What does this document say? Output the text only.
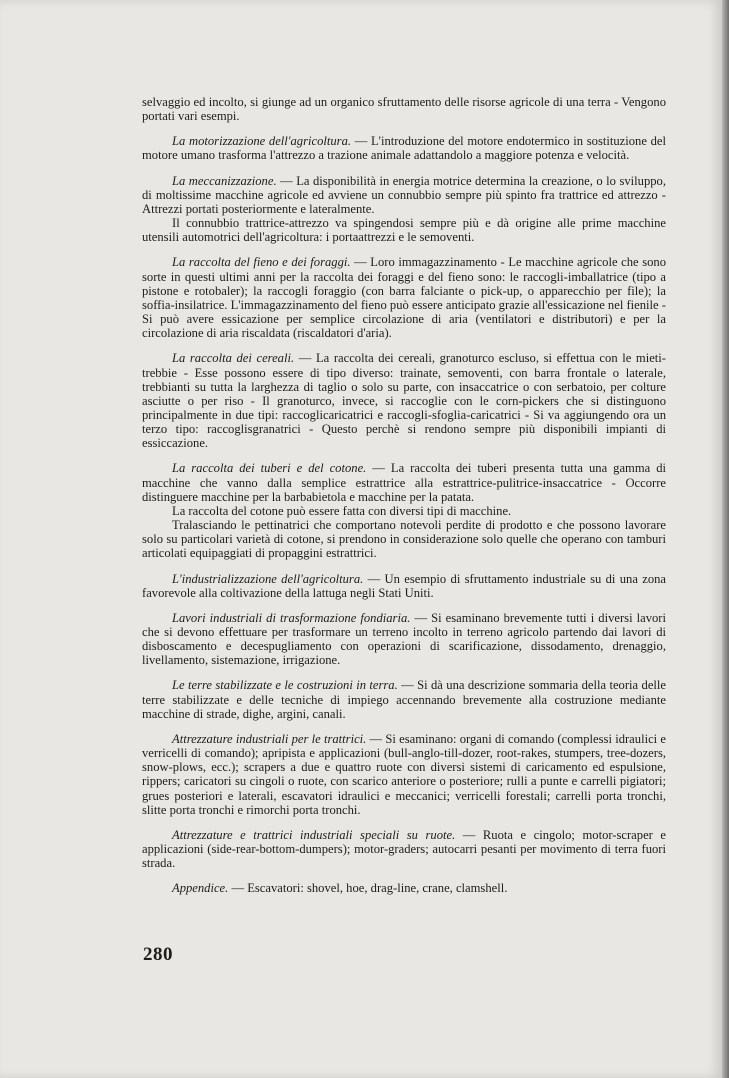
selvaggio ed incolto, si giunge ad un organico sfruttamento delle risorse agricole di una terra - Vengono portati vari esempi.

La motorizzazione dell'agricoltura. — L'introduzione del motore endotermico in sostituzione del motore umano trasforma l'attrezzo a trazione animale adattandolo a maggiore potenza e velocità.

La meccanizzazione. — La disponibilità in energia motrice determina la creazione, o lo sviluppo, di moltissime macchine agricole ed avviene un connubbio sempre più spinto fra trattrice ed attrezzo - Attrezzi portati posteriormente e lateralmente.

Il connubbio trattrice-attrezzo va spingendosi sempre più e dà origine alle prime macchine utensili automotrici dell'agricoltura: i portaattrezzi e le semoventi.

La raccolta del fieno e dei foraggi. — Loro immagazzinamento - Le macchine agricole che sono sorte in questi ultimi anni per la raccolta dei foraggi e del fieno sono: le raccogli-imballatrice (tipo a pistone e rotobaler); la raccogli foraggio (con barra falciante o pick-up, o apparecchio per file); la soffia-insilatrice. L'immagazzinamento del fieno può essere anticipato grazie all'essicazione nel fienile - Si può avere essicazione per semplice circolazione di aria (ventilatori e distributori) e per la circolazione di aria riscaldata (riscaldatori d'aria).

La raccolta dei cereali. — La raccolta dei cereali, granoturco escluso, si effettua con le mieti-trebbie - Esse possono essere di tipo diverso: trainate, semoventi, con barra frontale o laterale, trebbianti su tutta la larghezza di taglio o solo su parte, con insaccatrice o con serbatoio, per colture asciutte o per riso - Il granoturco, invece, si raccoglie con le corn-pickers che si distinguono principalmente in due tipi: raccoglicaricatrici e raccogli-sfoglia-caricatrici - Si va aggiungendo ora un terzo tipo: raccoglisgranatrici - Questo perchè si rendono sempre più disponibili impianti di essiccazione.

La raccolta dei tuberi e del cotone. — La raccolta dei tuberi presenta tutta una gamma di macchine che vanno dalla semplice estrattrice alla estrattrice-pulitrice-insaccatrice - Occorre distinguere macchine per la barbabietola e macchine per la patata.

La raccolta del cotone può essere fatta con diversi tipi di macchine.

Tralasciando le pettinatrici che comportano notevoli perdite di prodotto e che possono lavorare solo su particolari varietà di cotone, si prendono in considerazione solo quelle che operano con tamburi articolati equipaggiati di propaggini estrattrici.

L'industrializzazione dell'agricoltura. — Un esempio di sfruttamento industriale su di una zona favorevole alla coltivazione della lattuga negli Stati Uniti.

Lavori industriali di trasformazione fondiaria. — Si esaminano brevemente tutti i diversi lavori che si devono effettuare per trasformare un terreno incolto in terreno agricolo partendo dai lavori di disboscamento e decespugliamento con operazioni di scarificazione, dissodamento, drenaggio, livellamento, sistemazione, irrigazione.

Le terre stabilizzate e le costruzioni in terra. — Si dà una descrizione sommaria della teoria delle terre stabilizzate e delle tecniche di impiego accennando brevemente alla costruzione mediante macchine di strade, dighe, argini, canali.

Attrezzature industriali per le trattrici. — Si esaminano: organi di comando (complessi idraulici e verricelli di comando); apripista e applicazioni (bull-anglo-till-dozer, root-rakes, stumpers, tree-dozers, snow-plows, ecc.); scrapers a due e quattro ruote con diversi sistemi di caricamento ed espulsione, rippers; caricatori su cingoli o ruote, con scarico anteriore o posteriore; rulli a punte e carrelli pigiatori; grues posteriori e laterali, escavatori idraulici e meccanici; verricelli forestali; carrelli porta tronchi, slitte porta tronchi e rimorchi porta tronchi.

Attrezzature e trattrici industriali speciali su ruote. — Ruota e cingolo; motor-scraper e applicazioni (side-rear-bottom-dumpers); motor-graders; autocarri pesanti per movimento di terra fuori strada.

Appendice. — Escavatori: shovel, hoe, drag-line, crane, clamshell.

280
